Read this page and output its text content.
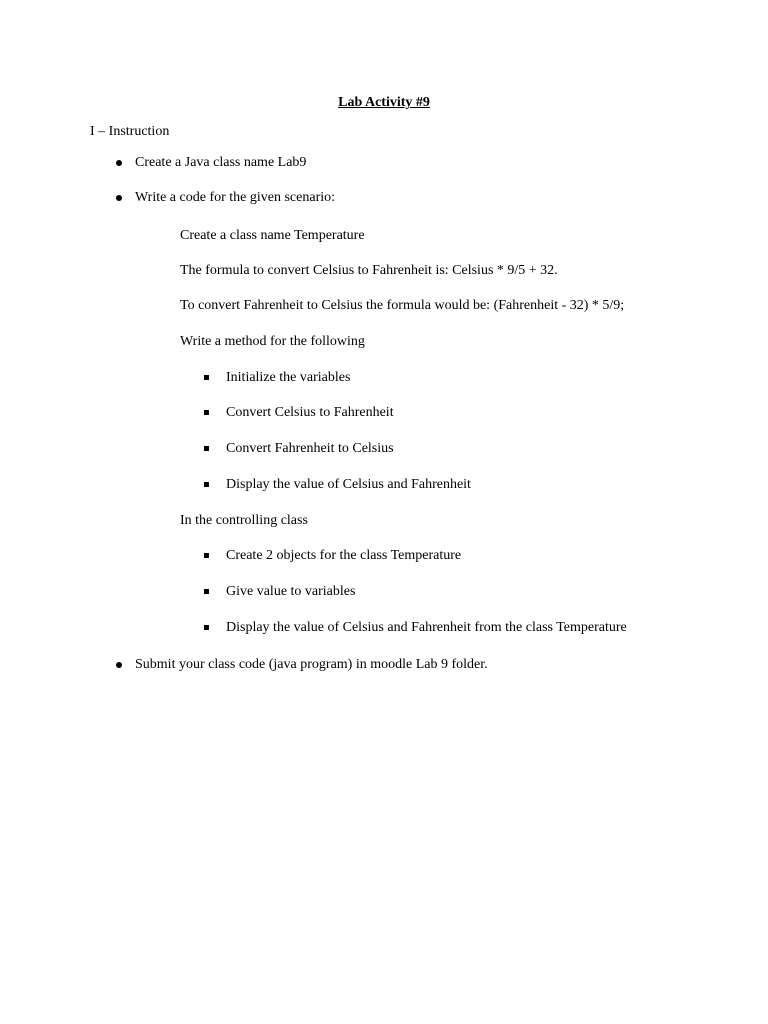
Lab Activity #9
I – Instruction
Create a Java class name Lab9
Write a code for the given scenario:
Create a class name Temperature
The formula to convert Celsius to Fahrenheit is: Celsius * 9/5 + 32.
To convert Fahrenheit to Celsius the formula would be: (Fahrenheit - 32) * 5/9;
Write a method for the following
Initialize the variables
Convert Celsius to Fahrenheit
Convert Fahrenheit to Celsius
Display the value of Celsius and Fahrenheit
In the controlling class
Create 2 objects for the class Temperature
Give value to variables
Display the value of Celsius and Fahrenheit from the class Temperature
Submit your class code (java program) in moodle Lab 9 folder.
